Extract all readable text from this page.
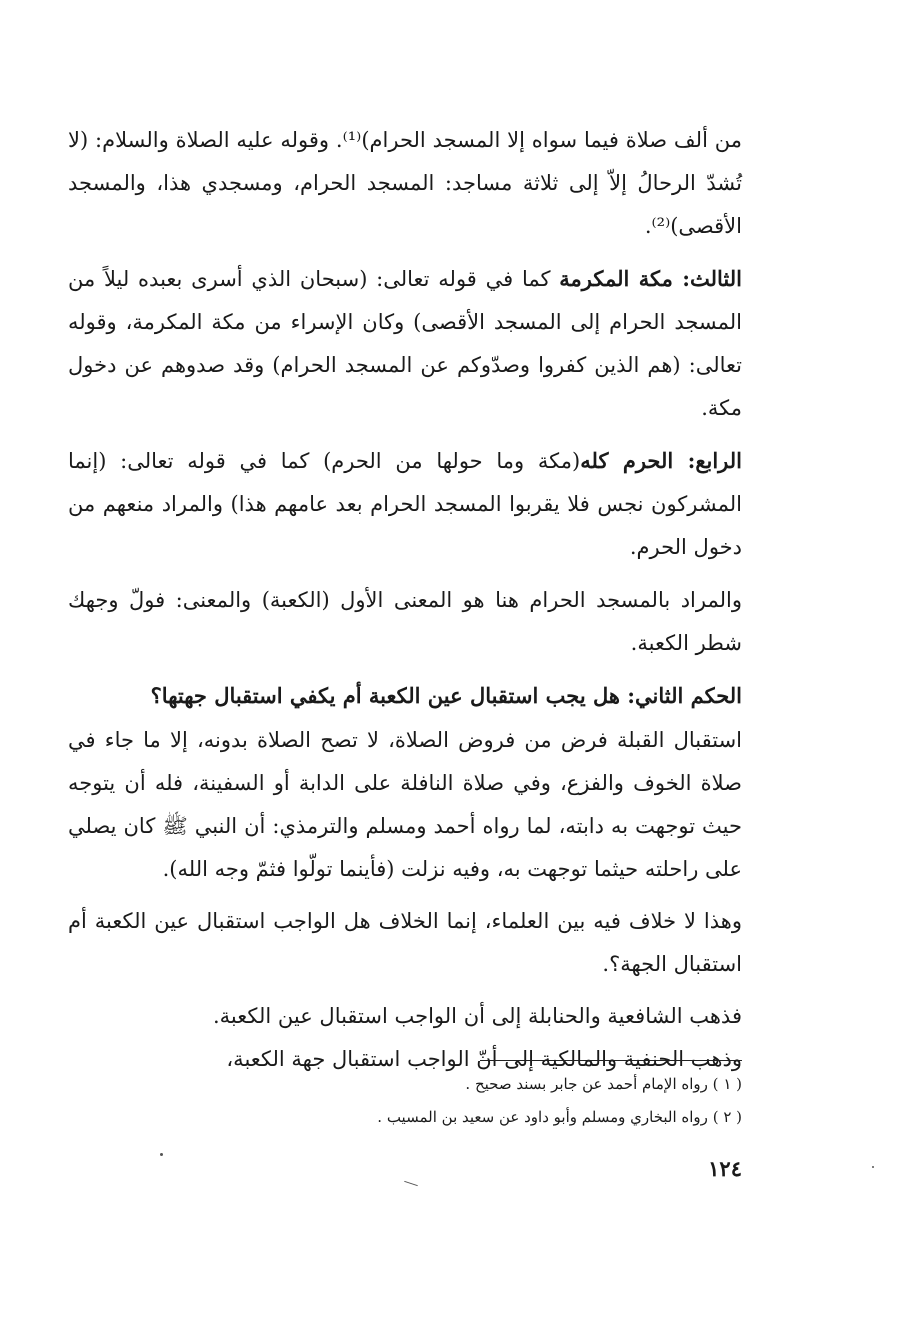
من ألف صلاة فيما سواه إلا المسجد الحرام)⁽¹⁾. وقوله عليه الصلاة والسلام: (لا تُشدّ الرحالُ إلاّ إلى ثلاثة مساجد: المسجد الحرام، ومسجدي هذا، والمسجد الأقصى)⁽²⁾.

الثالث: مكة المكرمة كما في قوله تعالى: (سبحان الذي أسرى بعبده ليلاً من المسجد الحرام إلى المسجد الأقصى) وكان الإسراء من مكة المكرمة، وقوله تعالى: (هم الذين كفروا وصدّوكم عن المسجد الحرام) وقد صدوهم عن دخول مكة.

الرابع: الحرم كله(مكة وما حولها من الحرم) كما في قوله تعالى: (إنما المشركون نجس فلا يقربوا المسجد الحرام بعد عامهم هذا) والمراد منعهم من دخول الحرم.

والمراد بالمسجد الحرام هنا هو المعنى الأول (الكعبة) والمعنى: فولّ وجهك شطر الكعبة.

الحكم الثاني: هل يجب استقبال عين الكعبة أم يكفي استقبال جهتها؟

استقبال القبلة فرض من فروض الصلاة، لا تصح الصلاة بدونه، إلا ما جاء في صلاة الخوف والفزع، وفي صلاة النافلة على الدابة أو السفينة، فله أن يتوجه حيث توجهت به دابته، لما رواه أحمد ومسلم والترمذي: أن النبي ﷺ كان يصلي على راحلته حيثما توجهت به، وفيه نزلت (فأينما تولّوا فثمّ وجه الله).

وهذا لا خلاف فيه بين العلماء، إنما الخلاف هل الواجب استقبال عين الكعبة أم استقبال الجهة؟.

فذهب الشافعية والحنابلة إلى أن الواجب استقبال عين الكعبة.

وذهب الحنفية والمالكية إلى أنّ الواجب استقبال جهة الكعبة،

( ١ ) رواه الإمام أحمد عن جابر بسند صحيح .

( ٢ ) رواه البخاري ومسلم وأبو داود عن سعيد بن المسيب .

١٢٤
